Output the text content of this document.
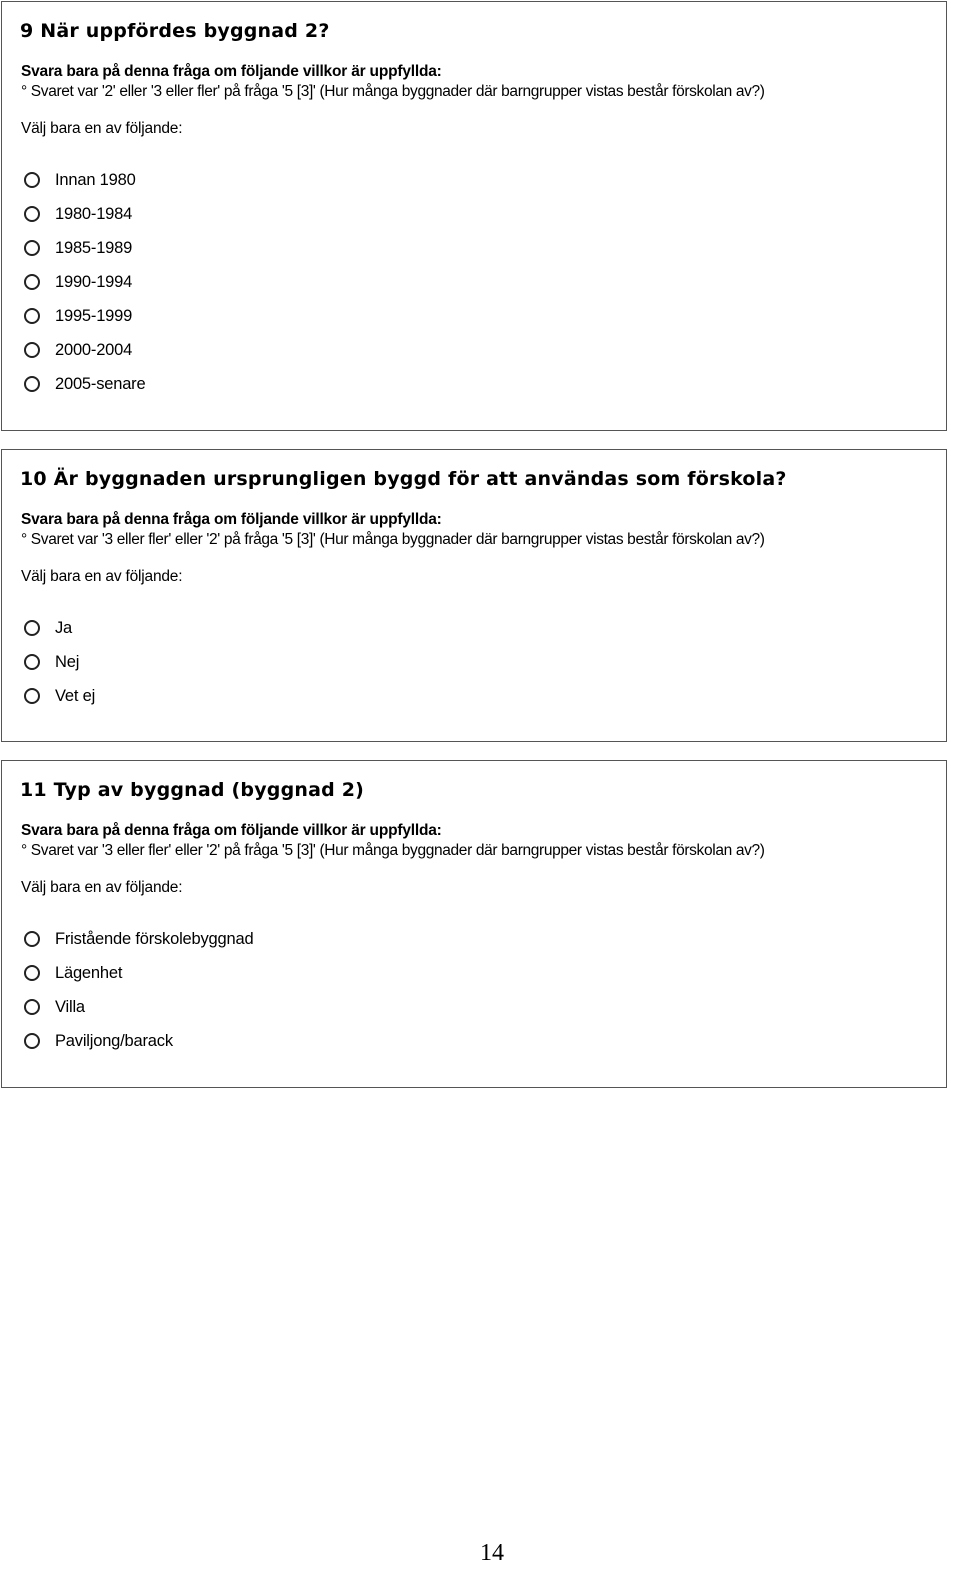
9 När uppfördes byggnad 2?
Svara bara på denna fråga om följande villkor är uppfyllda:
° Svaret var '2' eller '3 eller fler' på fråga '5 [3]' (Hur många byggnader där barngrupper vistas består förskolan av?)
Välj bara en av följande:
Innan 1980
1980-1984
1985-1989
1990-1994
1995-1999
2000-2004
2005-senare
10 Är byggnaden ursprungligen byggd för att användas som förskola?
Svara bara på denna fråga om följande villkor är uppfyllda:
° Svaret var '3 eller fler' eller '2' på fråga '5 [3]' (Hur många byggnader där barngrupper vistas består förskolan av?)
Välj bara en av följande:
Ja
Nej
Vet ej
11 Typ av byggnad (byggnad 2)
Svara bara på denna fråga om följande villkor är uppfyllda:
° Svaret var '3 eller fler' eller '2' på fråga '5 [3]' (Hur många byggnader där barngrupper vistas består förskolan av?)
Välj bara en av följande:
Fristående förskolebyggnad
Lägenhet
Villa
Paviljong/barack
14
